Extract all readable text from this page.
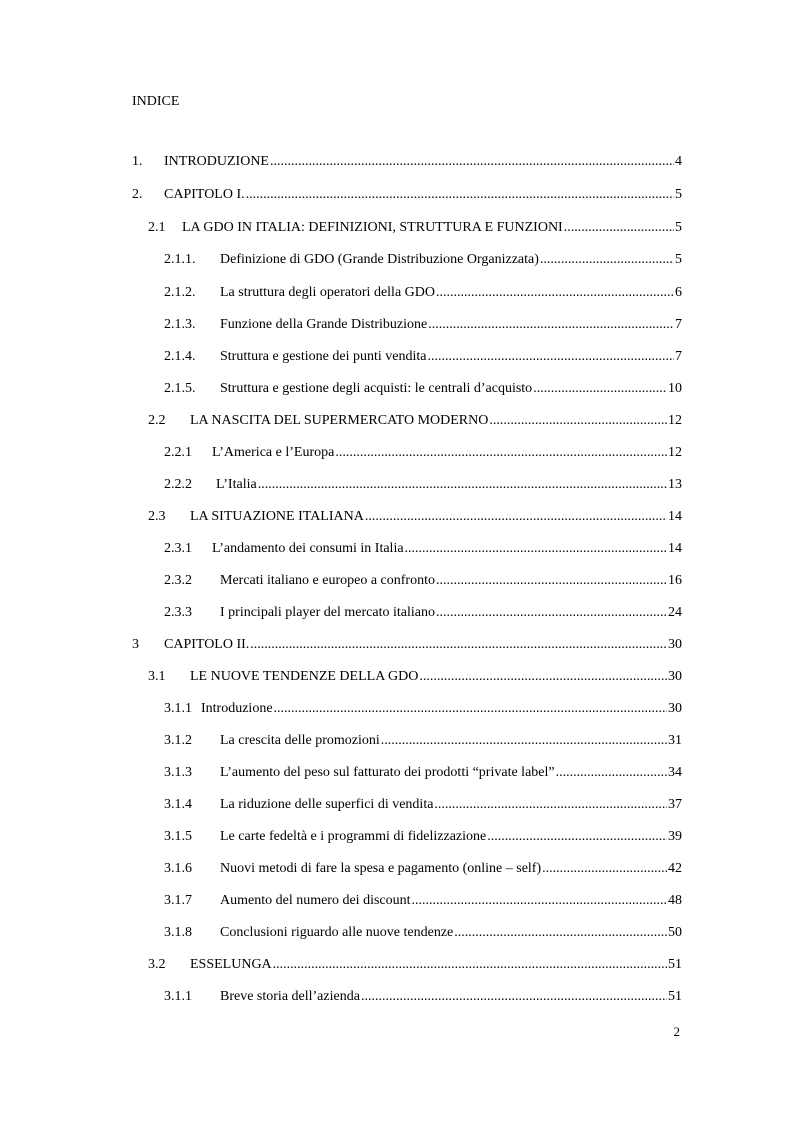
INDICE
1.	INTRODUZIONE .....	4
2.	CAPITOLO I. .....	5
2.1	LA GDO IN ITALIA: DEFINIZIONI, STRUTTURA E FUNZIONI .....	5
2.1.1.	Definizione di GDO (Grande Distribuzione Organizzata) .....	5
2.1.2.	La struttura degli operatori della GDO .....	6
2.1.3.	Funzione della Grande Distribuzione .....	7
2.1.4.	Struttura e gestione dei punti vendita .....	7
2.1.5.	Struttura e gestione degli acquisti: le centrali d’acquisto .....	10
2.2	LA NASCITA DEL SUPERMERCATO MODERNO .....	12
2.2.1	L’America e l’Europa .....	12
2.2.2	L’Italia .....	13
2.3	LA SITUAZIONE ITALIANA .....	14
2.3.1	L’andamento dei consumi in Italia .....	14
2.3.2	Mercati italiano e europeo a confronto .....	16
2.3.3	I principali player del mercato italiano .....	24
3	CAPITOLO II. .....	30
3.1	LE NUOVE TENDENZE DELLA GDO .....	30
3.1.1 Introduzione .....	30
3.1.2	La crescita delle promozioni .....	31
3.1.3	L’aumento del peso sul fatturato dei prodotti “private label” .....	34
3.1.4	La riduzione delle superfici di vendita .....	37
3.1.5	Le carte fedeltà e i programmi di fidelizzazione .....	39
3.1.6	Nuovi metodi di fare la spesa e pagamento (online – self) .....	42
3.1.7	Aumento del numero dei discount .....	48
3.1.8	Conclusioni riguardo alle nuove tendenze .....	50
3.2	ESSELUNGA .....	51
3.1.1	Breve storia dell’azienda .....	51
2
